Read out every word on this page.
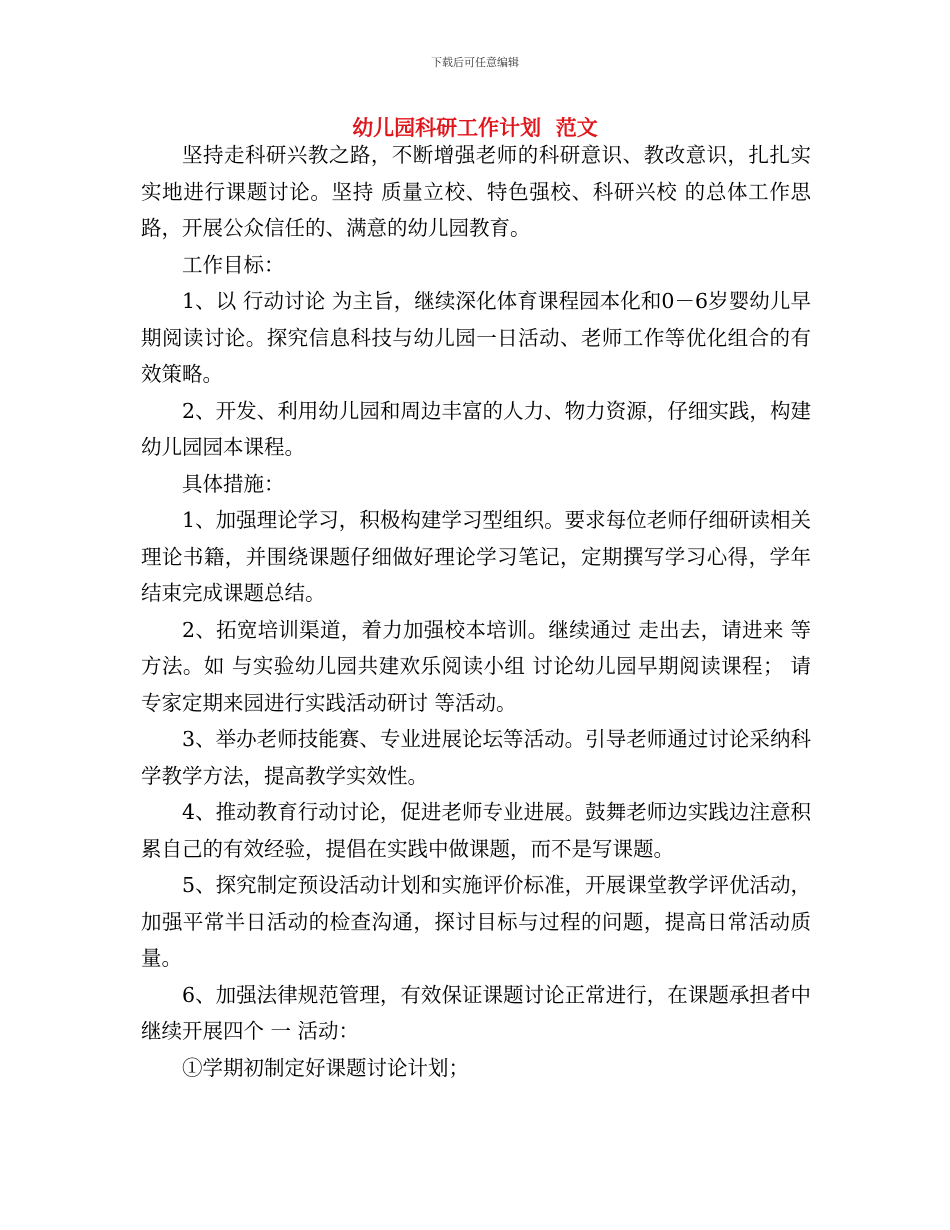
下载后可任意编辑
幼儿园科研工作计划  范文

坚持走科研兴教之路，不断增强老师的科研意识、教改意识，扎扎实实地进行课题讨论。坚持 质量立校、特色强校、科研兴校 的总体工作思路，开展公众信任的、满意的幼儿园教育。

工作目标：

1、以 行动讨论 为主旨，继续深化体育课程园本化和0－6岁婴幼儿早期阅读讨论。探究信息科技与幼儿园一日活动、老师工作等优化组合的有效策略。

2、开发、利用幼儿园和周边丰富的人力、物力资源，仔细实践，构建幼儿园园本课程。

具体措施：

1、加强理论学习，积极构建学习型组织。要求每位老师仔细研读相关理论书籍，并围绕课题仔细做好理论学习笔记，定期撰写学习心得，学年结束完成课题总结。

2、拓宽培训渠道，着力加强校本培训。继续通过 走出去，请进来 等方法。如 与实验幼儿园共建欢乐阅读小组 讨论幼儿园早期阅读课程； 请专家定期来园进行实践活动研讨 等活动。

3、举办老师技能赛、专业进展论坛等活动。引导老师通过讨论采纳科学教学方法，提高教学实效性。

4、推动教育行动讨论，促进老师专业进展。鼓舞老师边实践边注意积累自己的有效经验，提倡在实践中做课题，而不是写课题。

5、探究制定预设活动计划和实施评价标准，开展课堂教学评优活动，加强平常半日活动的检查沟通，探讨目标与过程的问题，提高日常活动质量。

6、加强法律规范管理，有效保证课题讨论正常进行，在课题承担者中继续开展四个 一 活动：

①学期初制定好课题讨论计划；
